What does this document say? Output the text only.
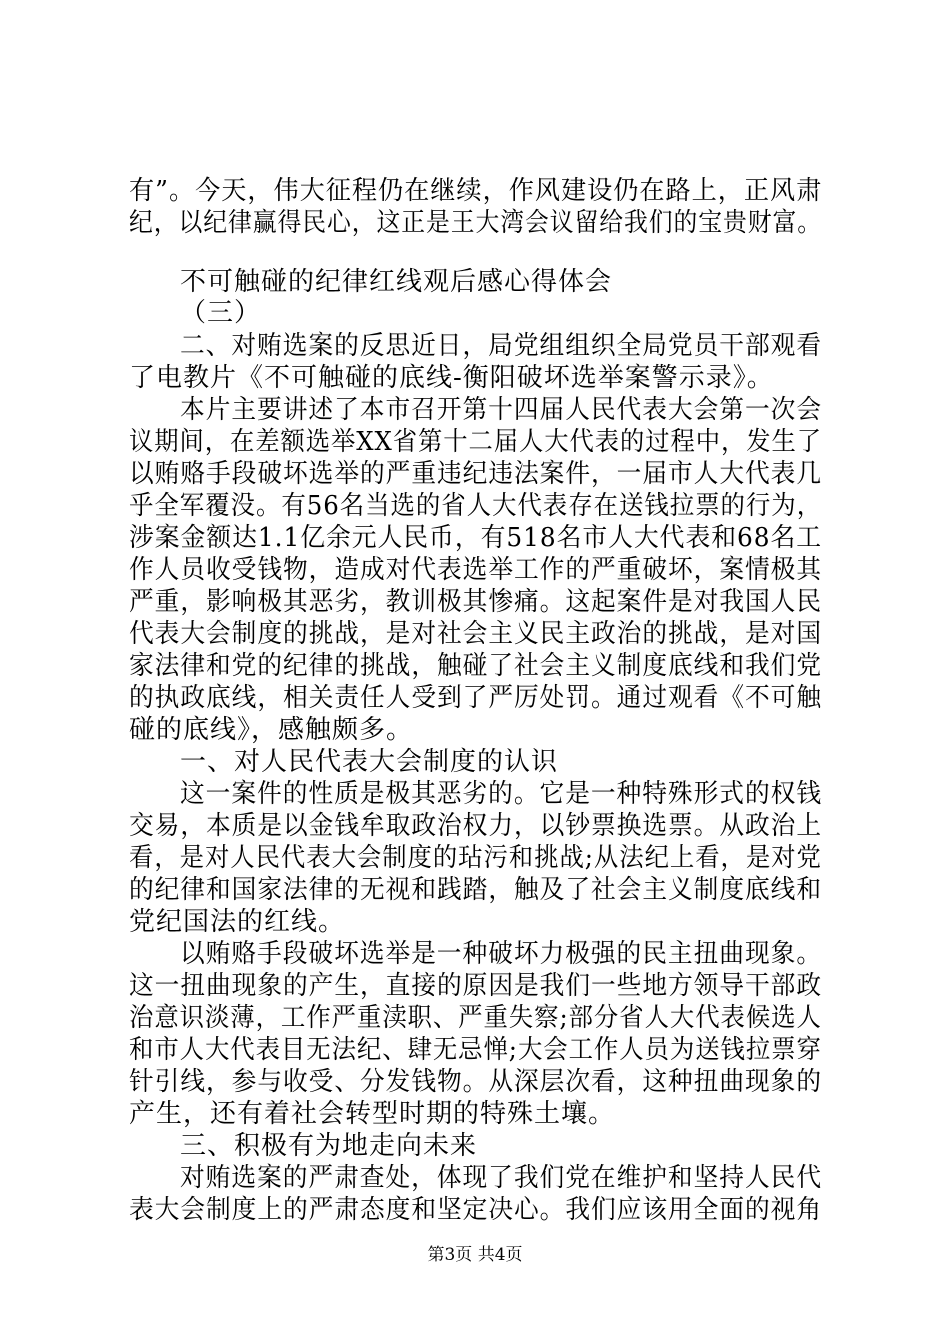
有”。今天，伟大征程仍在继续，作风建设仍在路上，正风肃
纪，以纪律赢得民心，这正是王大湾会议留给我们的宝贵财富。
不可触碰的纪律红线观后感心得体会
（三）
二、对贿选案的反思近日，局党组组织全局党员干部观看
了电教片《不可触碰的底线-衡阳破坏选举案警示录》。
本片主要讲述了本市召开第十四届人民代表大会第一次会
议期间，在差额选举XX省第十二届人大代表的过程中，发生了
以贿赂手段破坏选举的严重违纪违法案件，一届市人大代表几
乎全军覆没。有56名当选的省人大代表存在送钱拉票的行为，
涉案金额达1.1亿余元人民币，有518名市人大代表和68名工
作人员收受钱物，造成对代表选举工作的严重破坏，案情极其
严重，影响极其恶劣，教训极其惨痛。这起案件是对我国人民
代表大会制度的挑战，是对社会主义民主政治的挑战，是对国
家法律和党的纪律的挑战，触碰了社会主义制度底线和我们党
的执政底线，相关责任人受到了严厉处罚。通过观看《不可触
碰的底线》，感触颇多。
一、对人民代表大会制度的认识
这一案件的性质是极其恶劣的。它是一种特殊形式的权钱
交易，本质是以金钱牟取政治权力，以钞票换选票。从政治上
看，是对人民代表大会制度的玷污和挑战;从法纪上看，是对党
的纪律和国家法律的无视和践踏，触及了社会主义制度底线和
党纪国法的红线。
以贿赂手段破坏选举是一种破坏力极强的民主扭曲现象。
这一扭曲现象的产生，直接的原因是我们一些地方领导干部政
治意识淡薄，工作严重渎职、严重失察;部分省人大代表候选人
和市人大代表目无法纪、肆无忌惮;大会工作人员为送钱拉票穿
针引线，参与收受、分发钱物。从深层次看，这种扭曲现象的
产生，还有着社会转型时期的特殊土壤。
三、积极有为地走向未来
对贿选案的严肃查处，体现了我们党在维护和坚持人民代
表大会制度上的严肃态度和坚定决心。我们应该用全面的视角
第3页 共4页
